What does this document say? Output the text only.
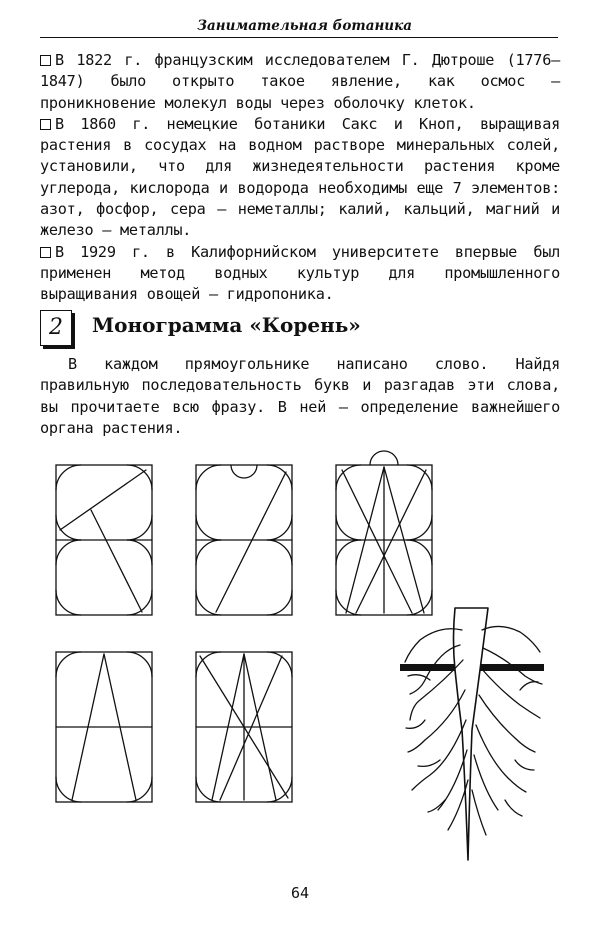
Занимательная ботаника

В 1822 г. французским исследователем Г. Дютроше (1776—1847) было открыто такое явление, как осмос — проникновение молекул воды через оболочку клеток.

В 1860 г. немецкие ботаники Сакс и Кноп, выращивая растения в сосудах на водном растворе минеральных солей, установили, что для жизнедеятельности растения кроме углерода, кислорода и водорода необходимы еще 7 элементов: азот, фосфор, сера — неметаллы; калий, кальций, магний и железо — металлы.

В 1929 г. в Калифорнийском университете впервые был применен метод водных культур для промышленного выращивания овощей — гидропоника.

2	Монограмма «Корень»

В каждом прямоугольнике написано слово. Найдя правильную последовательность букв и разгадав эти слова, вы прочитаете всю фразу. В ней — определение важнейшего органа растения.

64
